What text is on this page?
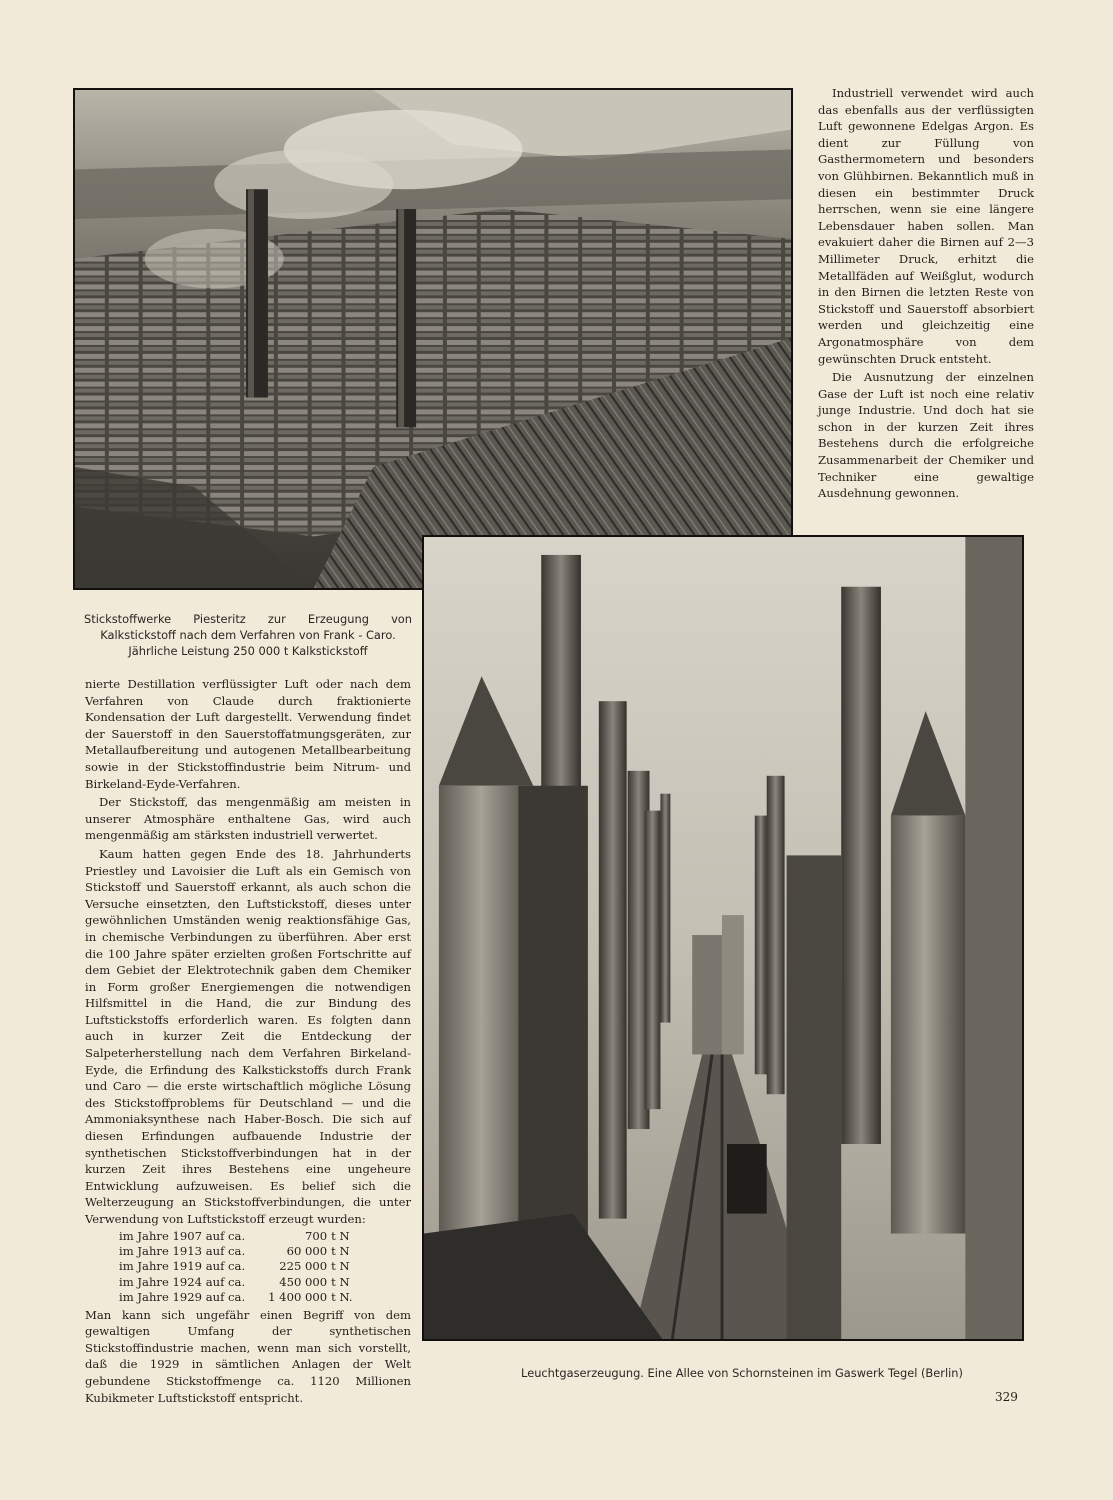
Industriell verwendet wird auch das ebenfalls aus der verflüssigten Luft gewonnene Edelgas Argon. Es dient zur Füllung von Gasthermometern und besonders von Glühbirnen. Bekanntlich muß in diesen ein bestimmter Druck herrschen, wenn sie eine längere Lebensdauer haben sollen. Man evakuiert daher die Birnen auf 2—3 Millimeter Druck, erhitzt die Metallfäden auf Weißglut, wodurch in den Birnen die letzten Reste von Stickstoff und Sauerstoff absorbiert werden und gleichzeitig eine Argonatmosphäre von dem gewünschten Druck entsteht.

Die Ausnutzung der einzelnen Gase der Luft ist noch eine relativ junge Industrie. Und doch hat sie schon in der kurzen Zeit ihres Bestehens durch die erfolgreiche Zusammenarbeit der Chemiker und Techniker eine gewaltige Ausdehnung gewonnen.

Stickstoffwerke Piesteritz zur Erzeugung von Kalkstickstoff nach dem Verfahren von Frank - Caro.
Jährliche Leistung 250 000 t Kalkstickstoff

nierte Destillation verflüssigter Luft oder nach dem Verfahren von Claude durch fraktionierte Kondensation der Luft dargestellt. Verwendung findet der Sauerstoff in den Sauerstoffatmungsgeräten, zur Metallaufbereitung und autogenen Metallbearbeitung sowie in der Stickstoffindustrie beim Nitrum- und Birkeland-Eyde-Verfahren.

Der Stickstoff, das mengenmäßig am meisten in unserer Atmosphäre enthaltene Gas, wird auch mengenmäßig am stärksten industriell verwertet.

Kaum hatten gegen Ende des 18. Jahrhunderts Priestley und Lavoisier die Luft als ein Gemisch von Stickstoff und Sauerstoff erkannt, als auch schon die Versuche einsetzten, den Luftstickstoff, dieses unter gewöhnlichen Umständen wenig reaktionsfähige Gas, in chemische Verbindungen zu überführen. Aber erst die 100 Jahre später erzielten großen Fortschritte auf dem Gebiet der Elektrotechnik gaben dem Chemiker in Form großer Energiemengen die notwendigen Hilfsmittel in die Hand, die zur Bindung des Luftstickstoffs erforderlich waren. Es folgten dann auch in kurzer Zeit die Entdeckung der Salpeterherstellung nach dem Verfahren Birkeland-Eyde, die Erfindung des Kalkstickstoffs durch Frank und Caro — die erste wirtschaftlich mögliche Lösung des Stickstoffproblems für Deutschland — und die Ammoniaksynthese nach Haber-Bosch. Die sich auf diesen Erfindungen aufbauende Industrie der synthetischen Stickstoffverbindungen hat in der kurzen Zeit ihres Bestehens eine ungeheure Entwicklung aufzuweisen. Es belief sich die Welterzeugung an Stickstoffverbindungen, die unter Verwendung von Luftstickstoff erzeugt wurden:

im Jahre 1907 auf ca.	700	t N
im Jahre 1913 auf ca.	60 000	t N
im Jahre 1919 auf ca.	225 000	t N
im Jahre 1924 auf ca.	450 000	t N
im Jahre 1929 auf ca.	1 400 000	t N.

Man kann sich ungefähr einen Begriff von dem gewaltigen Umfang der synthetischen Stickstoffindustrie machen, wenn man sich vorstellt, daß die 1929 in sämtlichen Anlagen der Welt gebundene Stickstoffmenge ca. 1120 Millionen Kubikmeter Luftstickstoff entspricht.

Leuchtgaserzeugung. Eine Allee von Schornsteinen im Gaswerk Tegel (Berlin)
329
